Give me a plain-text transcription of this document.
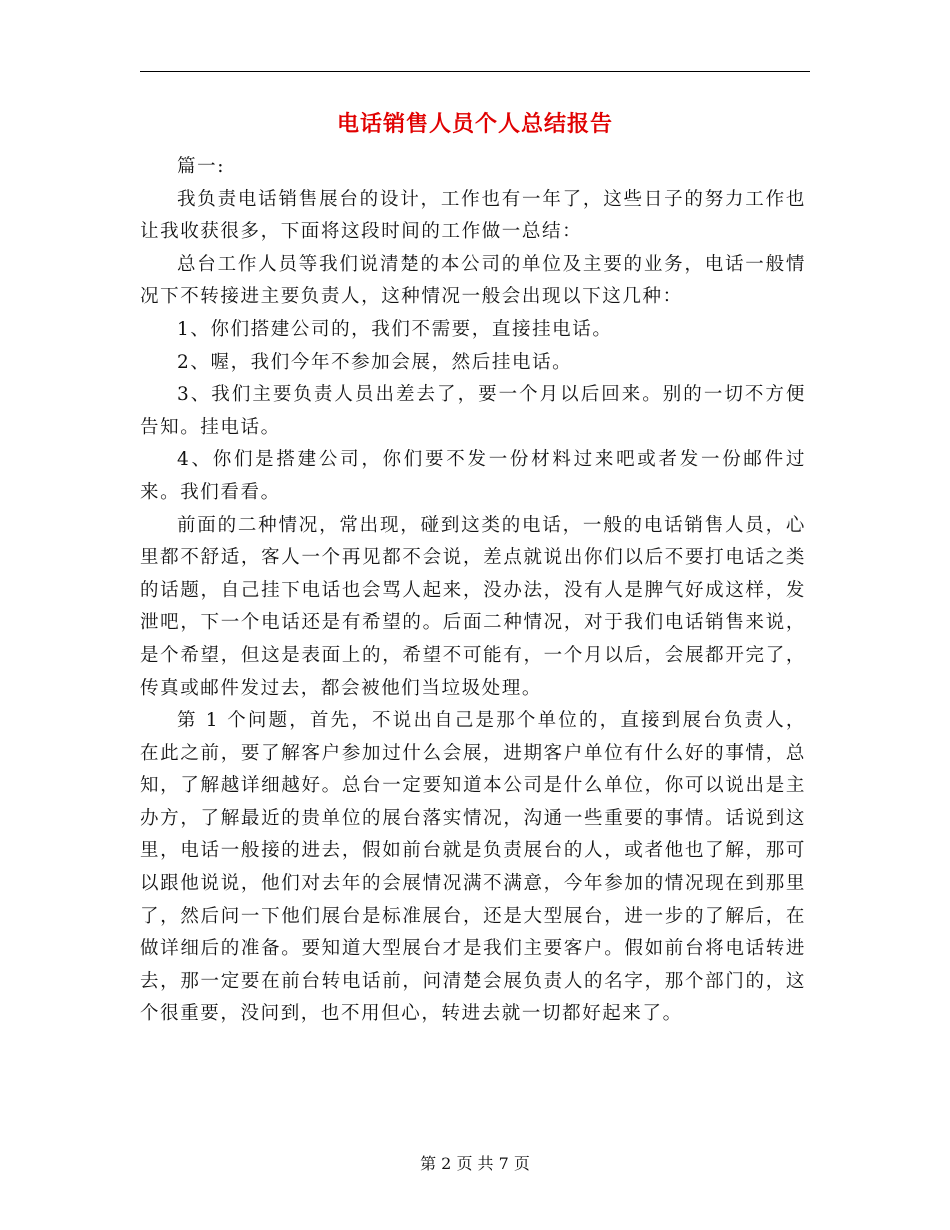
电话销售人员个人总结报告

篇一:

我负责电话销售展台的设计，工作也有一年了，这些日子的努力工作也让我收获很多，下面将这段时间的工作做一总结：

总台工作人员等我们说清楚的本公司的单位及主要的业务，电话一般情况下不转接进主要负责人，这种情况一般会出现以下这几种：

1、你们搭建公司的，我们不需要，直接挂电话。

2、喔，我们今年不参加会展，然后挂电话。

3、我们主要负责人员出差去了，要一个月以后回来。别的一切不方便告知。挂电话。

4、你们是搭建公司，你们要不发一份材料过来吧或者发一份邮件过来。我们看看。

前面的二种情况，常出现，碰到这类的电话，一般的电话销售人员，心里都不舒适，客人一个再见都不会说，差点就说出你们以后不要打电话之类的话题，自己挂下电话也会骂人起来，没办法，没有人是脾气好成这样，发泄吧，下一个电话还是有希望的。后面二种情况，对于我们电话销售来说，是个希望，但这是表面上的，希望不可能有，一个月以后，会展都开完了，传真或邮件发过去，都会被他们当垃圾处理。

第 1 个问题，首先，不说出自己是那个单位的，直接到展台负责人，在此之前，要了解客户参加过什么会展，进期客户单位有什么好的事情，总知，了解越详细越好。总台一定要知道本公司是什么单位，你可以说出是主办方，了解最近的贵单位的展台落实情况，沟通一些重要的事情。话说到这里，电话一般接的进去，假如前台就是负责展台的人，或者他也了解，那可以跟他说说，他们对去年的会展情况满不满意，今年参加的情况现在到那里了，然后问一下他们展台是标准展台，还是大型展台，进一步的了解后，在做详细后的准备。要知道大型展台才是我们主要客户。假如前台将电话转进去，那一定要在前台转电话前，问清楚会展负责人的名字，那个部门的，这个很重要，没问到，也不用但心，转进去就一切都好起来了。

第 2 页 共 7 页
